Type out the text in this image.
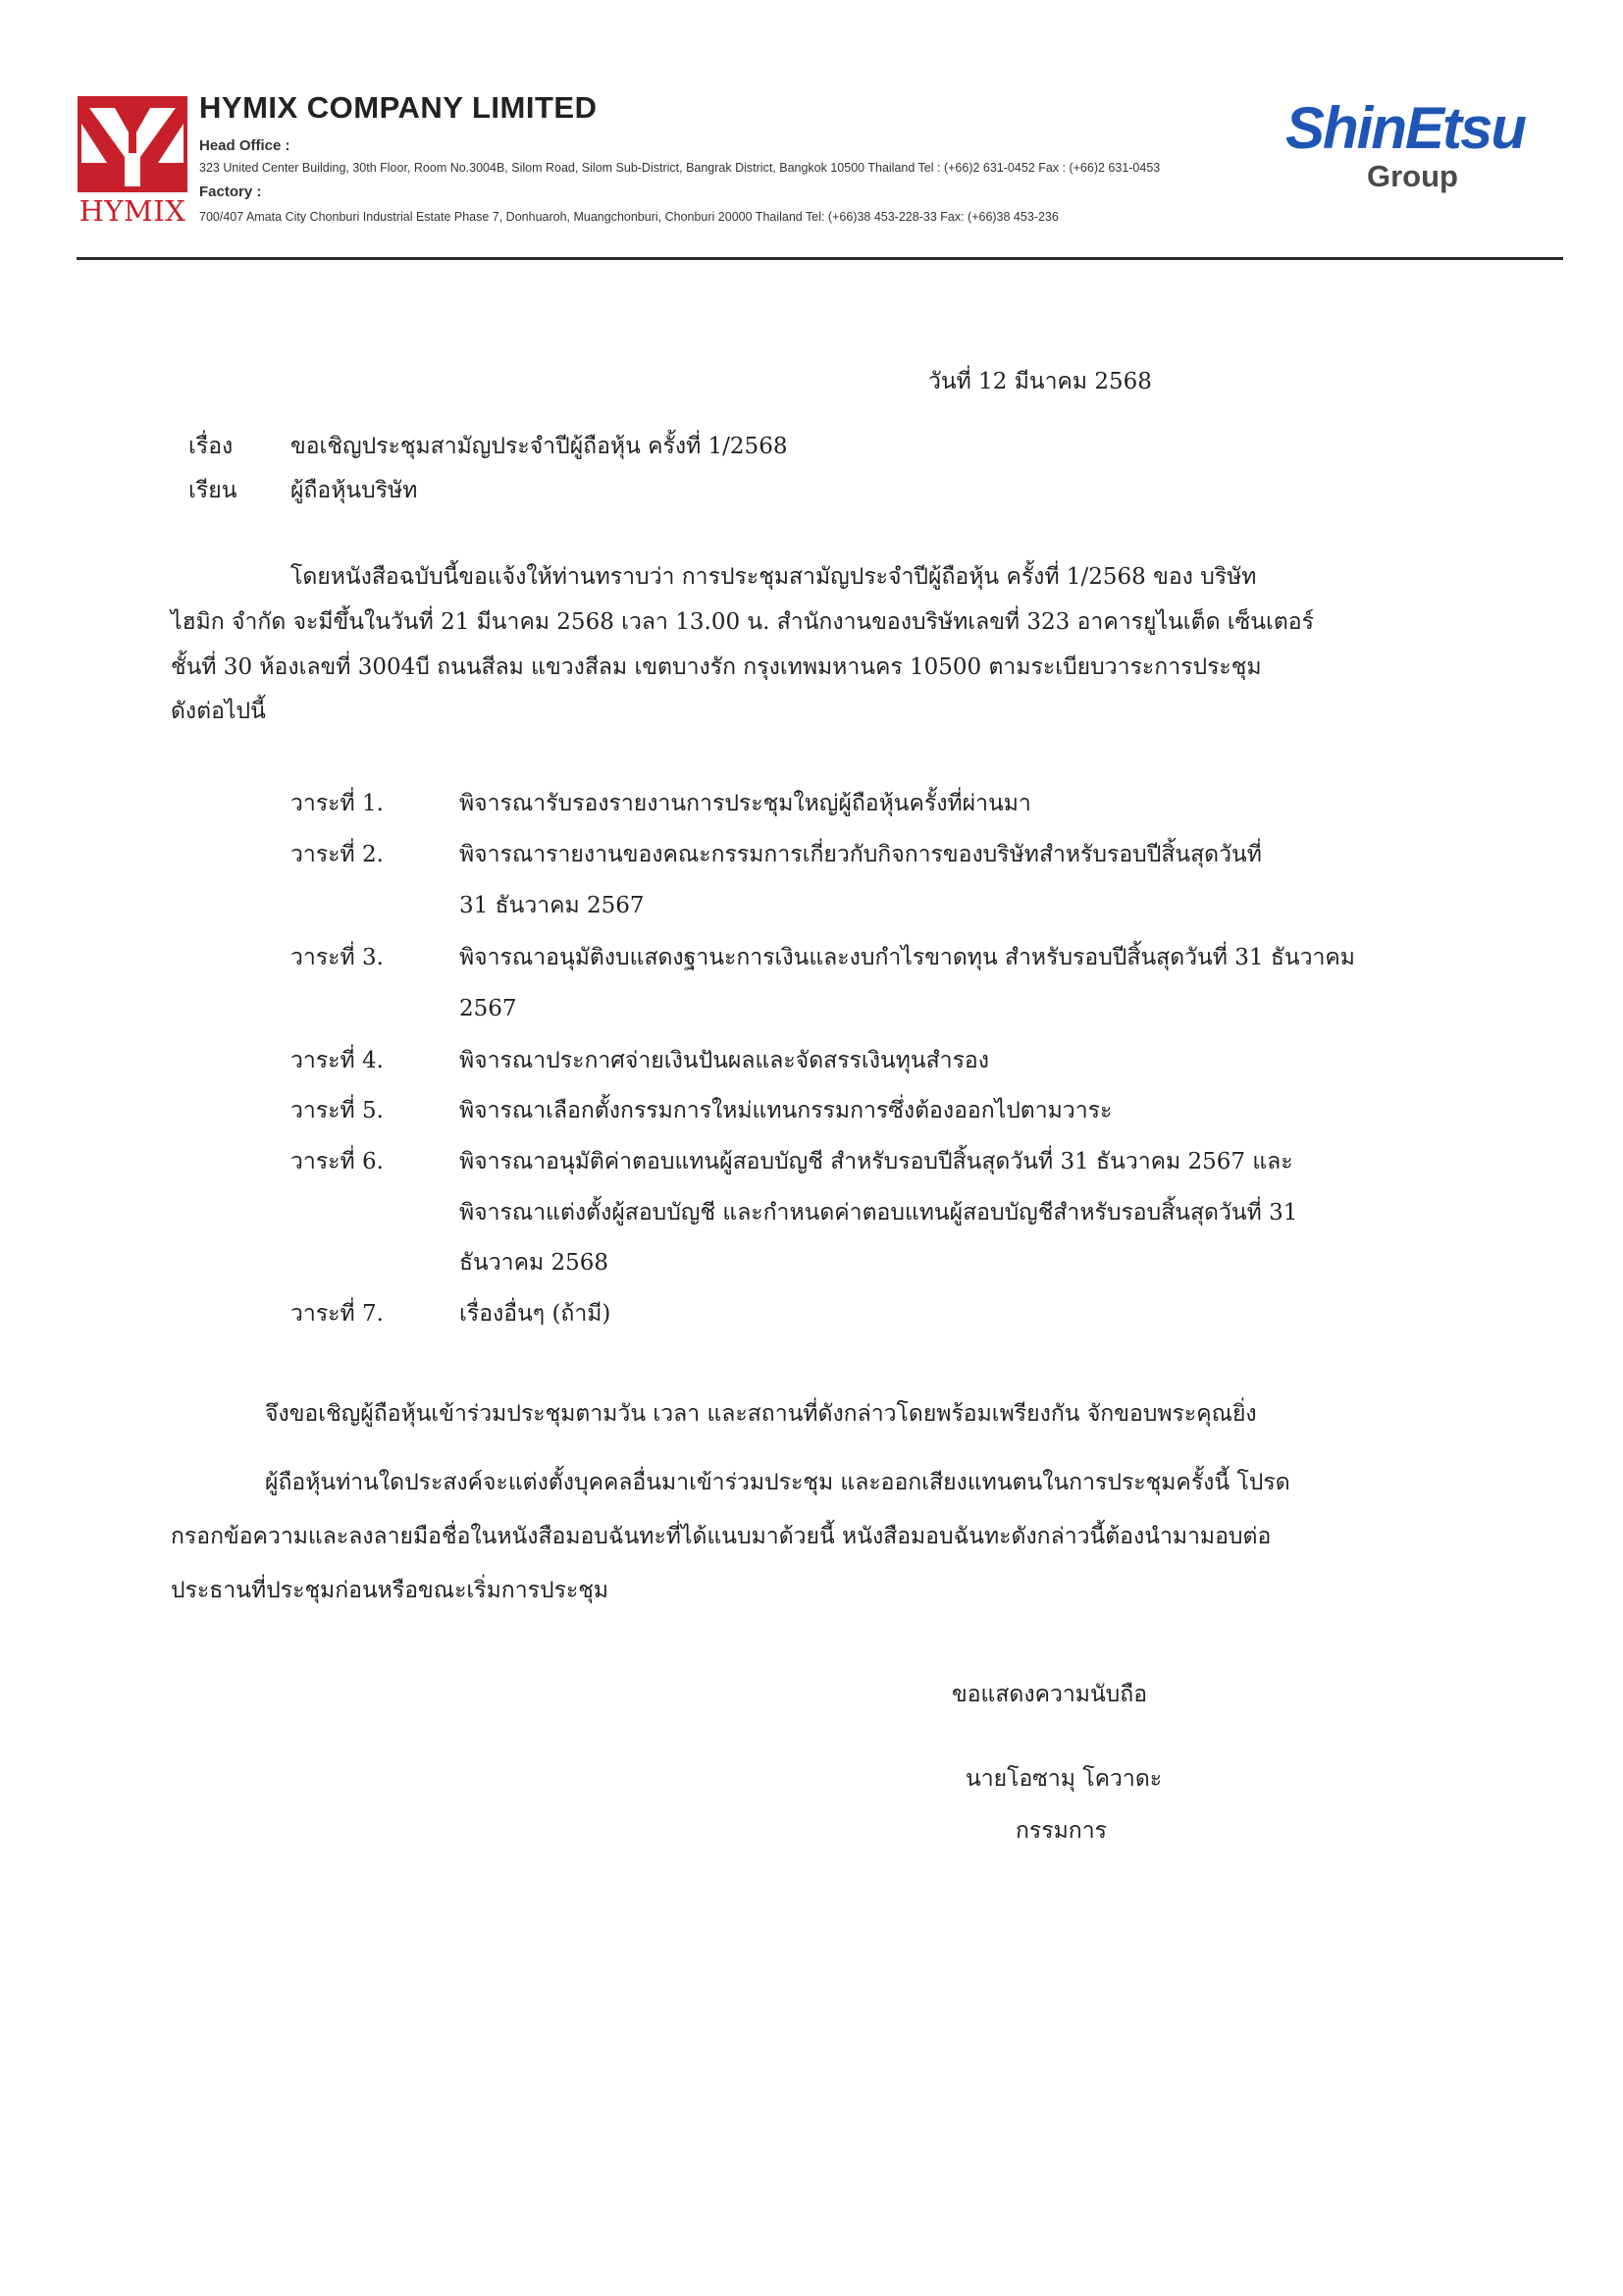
HYMIX
HYMIX COMPANY LIMITED
Head Office :
323 United Center Building, 30th Floor, Room No.3004B, Silom Road, Silom Sub-District, Bangrak District, Bangkok 10500 Thailand Tel : (+66)2 631-0452 Fax : (+66)2 631-0453
Factory :
700/407 Amata City Chonburi Industrial Estate Phase 7, Donhuaroh, Muangchonburi, Chonburi 20000 Thailand Tel: (+66)38 453-228-33 Fax: (+66)38 453-236
ShinEtsu
Group
วันที่ 12 มีนาคม 2568
เรื่อง	ขอเชิญประชุมสามัญประจำปีผู้ถือหุ้น ครั้งที่ 1/2568
เรียน ผู้ถือหุ้นบริษัท
โดยหนังสือฉบับนี้ขอแจ้งให้ท่านทราบว่า การประชุมสามัญประจำปีผู้ถือหุ้น ครั้งที่ 1/2568 ของ บริษัท
ไฮมิก จำกัด จะมีขึ้นในวันที่ 21 มีนาคม 2568 เวลา 13.00 น. สำนักงานของบริษัทเลขที่ 323 อาคารยูไนเต็ด เซ็นเตอร์
ชั้นที่ 30 ห้องเลขที่ 3004บี ถนนสีลม แขวงสีลม เขตบางรัก กรุงเทพมหานคร 10500 ตามระเบียบวาระการประชุม
ดังต่อไปนี้
วาระที่ 1.	พิจารณารับรองรายงานการประชุมใหญ่ผู้ถือหุ้นครั้งที่ผ่านมา
วาระที่ 2.	พิจารณารายงานของคณะกรรมการเกี่ยวกับกิจการของบริษัทสำหรับรอบปีสิ้นสุดวันที่
31 ธันวาคม 2567
วาระที่ 3.	พิจารณาอนุมัติงบแสดงฐานะการเงินและงบกำไรขาดทุน สำหรับรอบปีสิ้นสุดวันที่ 31 ธันวาคม
2567
วาระที่ 4.	พิจารณาประกาศจ่ายเงินปันผลและจัดสรรเงินทุนสำรอง
วาระที่ 5.	พิจารณาเลือกตั้งกรรมการใหม่แทนกรรมการซึ่งต้องออกไปตามวาระ
วาระที่ 6.	พิจารณาอนุมัติค่าตอบแทนผู้สอบบัญชี สำหรับรอบปีสิ้นสุดวันที่ 31 ธันวาคม 2567 และ
พิจารณาแต่งตั้งผู้สอบบัญชี และกำหนดค่าตอบแทนผู้สอบบัญชีสำหรับรอบสิ้นสุดวันที่ 31
ธันวาคม 2568
วาระที่ 7.	เรื่องอื่นๆ (ถ้ามี)
จึงขอเชิญผู้ถือหุ้นเข้าร่วมประชุมตามวัน เวลา และสถานที่ดังกล่าวโดยพร้อมเพรียงกัน จักขอบพระคุณยิ่ง
ผู้ถือหุ้นท่านใดประสงค์จะแต่งตั้งบุคคลอื่นมาเข้าร่วมประชุม และออกเสียงแทนตนในการประชุมครั้งนี้ โปรด
กรอกข้อความและลงลายมือชื่อในหนังสือมอบฉันทะที่ได้แนบมาด้วยนี้ หนังสือมอบฉันทะดังกล่าวนี้ต้องนำมามอบต่อ
ประธานที่ประชุมก่อนหรือขณะเริ่มการประชุม
ขอแสดงความนับถือ
นายโอซามุ โควาดะ
กรรมการ
